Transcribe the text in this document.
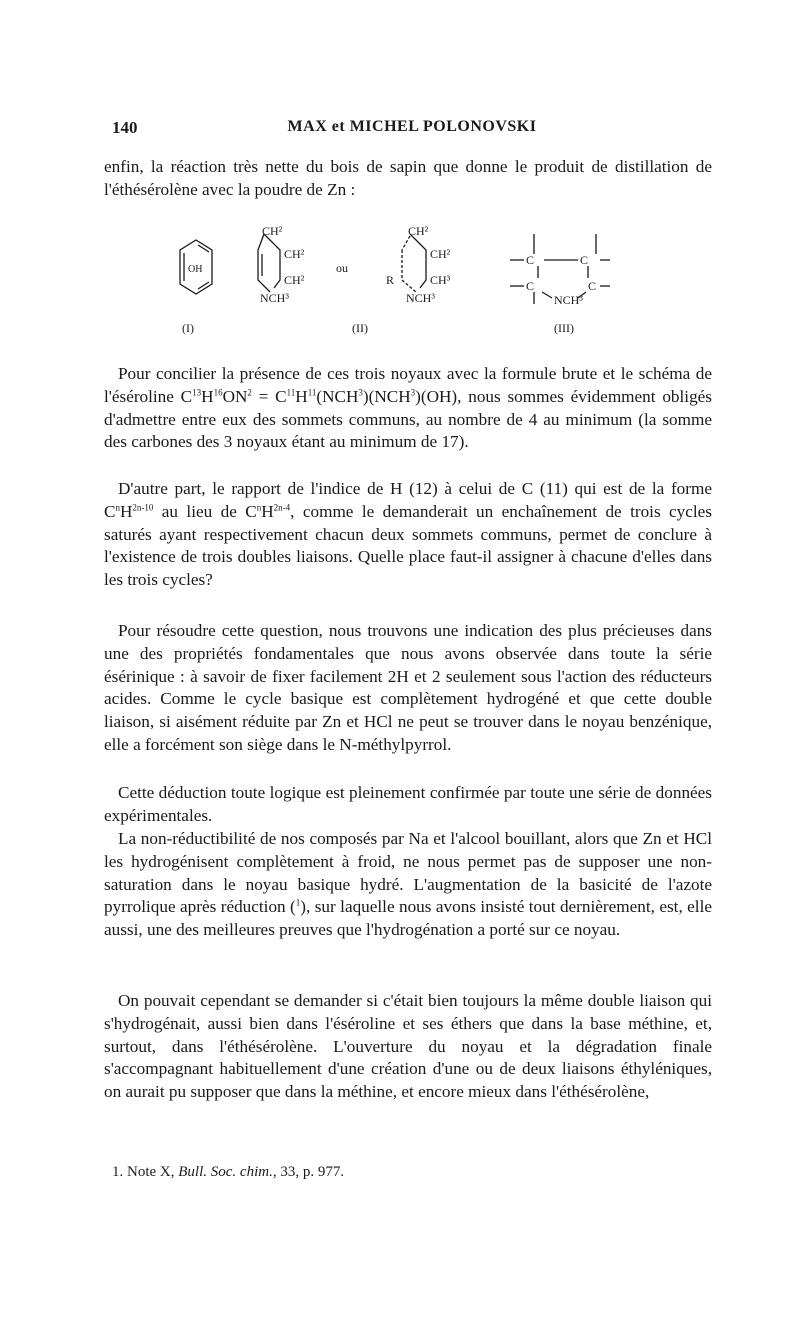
140	MAX et MICHEL POLONOVSKI

enfin, la réaction très nette du bois de sapin que donne le produit de distillation de l'éthésérolène avec la poudre de Zn :

OH
CH²
CH²
CH²
NCH³
(I)
ou
CH²
CH²
CH³
NCH³
R
(II)
C	C
C	C
NCH³
(III)

Pour concilier la présence de ces trois noyaux avec la formule brute et le schéma de l'éséroline $C^{13}H^{16}ON^2 = C^{11}H^{11}(NCH^3)(NCH^3)(OH)$, nous sommes évidemment obligés d'admettre entre eux des sommets communs, au nombre de 4 au minimum (la somme des carbones des 3 noyaux étant au minimum de 17).

D'autre part, le rapport de l'indice de H (12) à celui de C (11) qui est de la forme $C^nH^{2n-10}$ au lieu de $C^nH^{2n-4}$, comme le demanderait un enchaînement de trois cycles saturés ayant respectivement chacun deux sommets communs, permet de conclure à l'existence de trois doubles liaisons. Quelle place faut-il assigner à chacune d'elles dans les trois cycles?

Pour résoudre cette question, nous trouvons une indication des plus précieuses dans une des propriétés fondamentales que nous avons observée dans toute la série ésérinique : à savoir de fixer facilement 2H et 2 seulement sous l'action des réducteurs acides. Comme le cycle basique est complètement hydrogéné et que cette double liaison, si aisément réduite par Zn et HCl ne peut se trouver dans le noyau benzénique, elle a forcément son siège dans le N-méthylpyrrol.

Cette déduction toute logique est pleinement confirmée par toute une série de données expérimentales.

La non-réductibilité de nos composés par Na et l'alcool bouillant, alors que Zn et HCl les hydrogénisent complètement à froid, ne nous permet pas de supposer une non-saturation dans le noyau basique hydré. L'augmentation de la basicité de l'azote pyrrolique après réduction ($^1$), sur laquelle nous avons insisté tout dernièrement, est, elle aussi, une des meilleures preuves que l'hydrogénation a porté sur ce noyau.

On pouvait cependant se demander si c'était bien toujours la même double liaison qui s'hydrogénait, aussi bien dans l'éséroline et ses éthers que dans la base méthine, et, surtout, dans l'éthésérolène. L'ouverture du noyau et la dégradation finale s'accompagnant habituellement d'une création d'une ou de deux liaisons éthyléniques, on aurait pu supposer que dans la méthine, et encore mieux dans l'éthésérolène,

1. Note X, Bull. Soc. chim., 33, p. 977.
